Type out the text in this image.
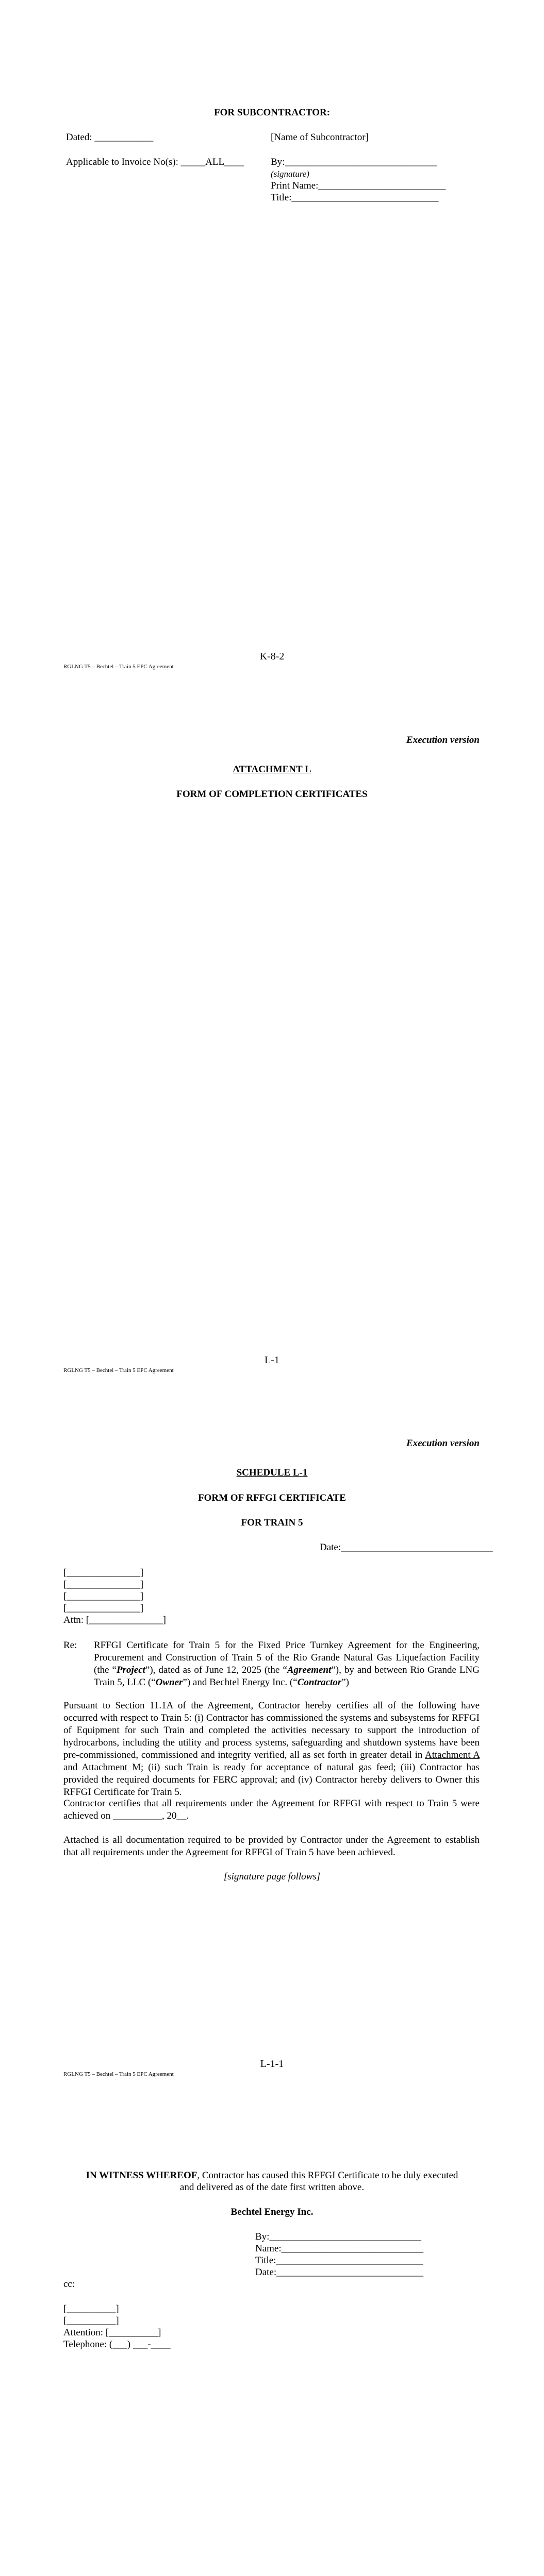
FOR SUBCONTRACTOR:
Dated: ____________	[Name of Subcontractor]
Applicable to Invoice No(s): _____ALL____	By:_______________________________
(signature)
Print Name:__________________________
Title:______________________________
K-8-2
RGLNG T5 – Bechtel – Train 5 EPC Agreement
Execution version
ATTACHMENT L
FORM OF COMPLETION CERTIFICATES
L-1
RGLNG T5 – Bechtel – Train 5 EPC Agreement
Execution version
SCHEDULE L-1
FORM OF RFFGI CERTIFICATE
FOR TRAIN 5
Date:_______________________________
[_______________]
[_______________]
[_______________]
[_______________]
Attn: [_______________]
Re: RFFGI Certificate for Train 5 for the Fixed Price Turnkey Agreement for the Engineering, Procurement and Construction of Train 5 of the Rio Grande Natural Gas Liquefaction Facility (the “Project”), dated as of June 12, 2025 (the “Agreement”), by and between Rio Grande LNG Train 5, LLC (“Owner”) and Bechtel Energy Inc. (“Contractor”)
Pursuant to Section 11.1A of the Agreement, Contractor hereby certifies all of the following have occurred with respect to Train 5: (i) Contractor has commissioned the systems and subsystems for RFFGI of Equipment for such Train and completed the activities necessary to support the introduction of hydrocarbons, including the utility and process systems, safeguarding and shutdown systems have been pre-commissioned, commissioned and integrity verified, all as set forth in greater detail in Attachment A and Attachment M; (ii) such Train is ready for acceptance of natural gas feed; (iii) Contractor has provided the required documents for FERC approval; and (iv) Contractor hereby delivers to Owner this RFFGI Certificate for Train 5.
Contractor certifies that all requirements under the Agreement for RFFGI with respect to Train 5 were achieved on __________, 20__.
Attached is all documentation required to be provided by Contractor under the Agreement to establish that all requirements under the Agreement for RFFGI of Train 5 have been achieved.
[signature page follows]
L-1-1
RGLNG T5 – Bechtel – Train 5 EPC Agreement
IN WITNESS WHEREOF, Contractor has caused this RFFGI Certificate to be duly executed
and delivered as of the date first written above.
Bechtel Energy Inc.
By:_______________________________
Name:_____________________________
Title:______________________________
Date:______________________________
cc:
[__________]
[__________]
Attention: [__________]
Telephone: (___) ___-____
